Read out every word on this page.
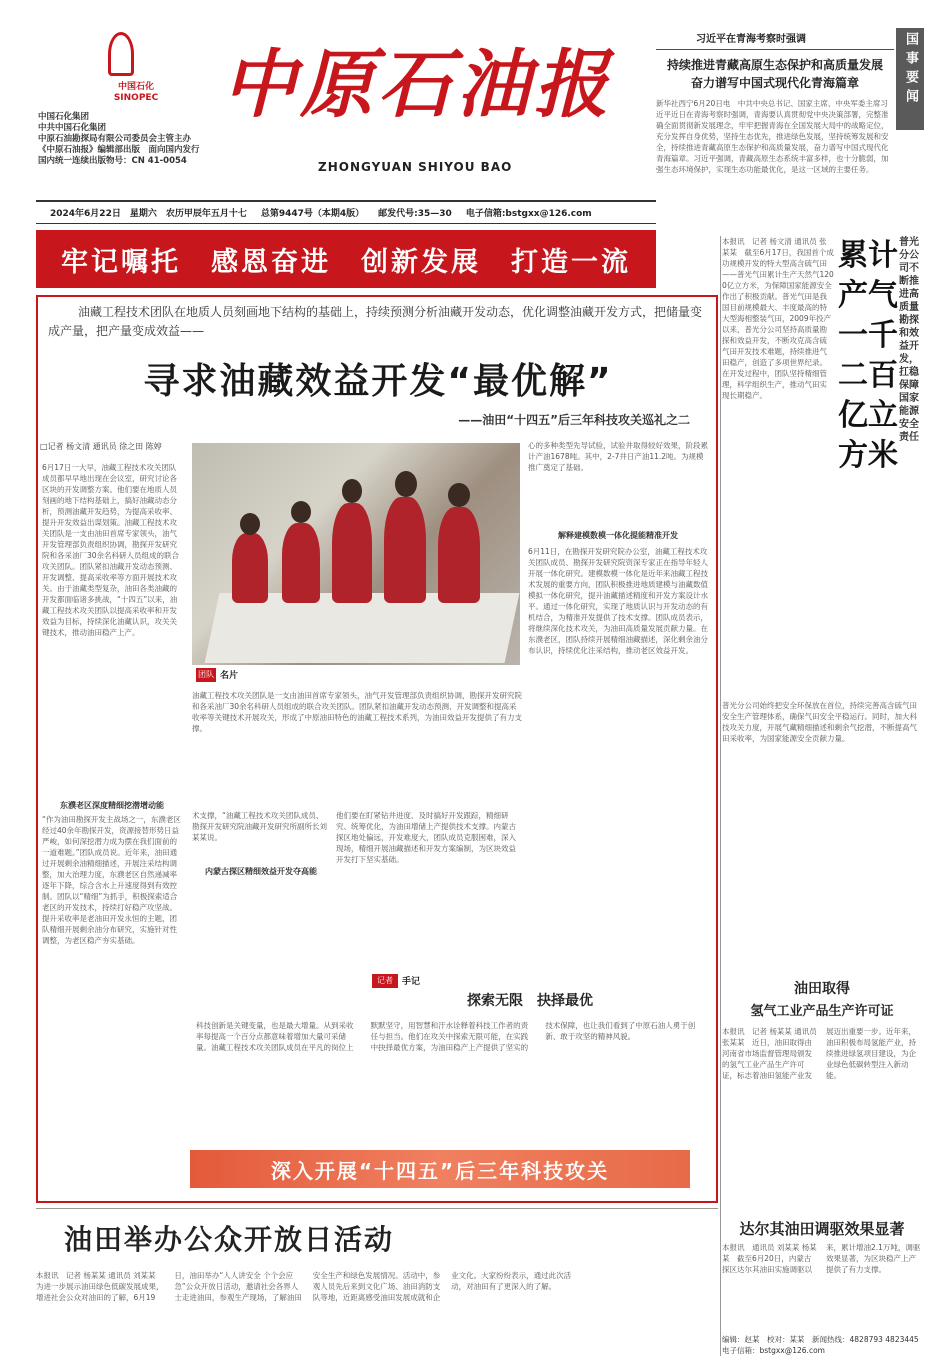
中国石化
SINOPEC
中国石化集团
中共中国石化集团
中原石油勘探局有限公司委员会主管主办
《中原石油报》编辑部出版　面向国内发行
国内统一连续出版物号：CN 41-0054
中原石油报
ZHONGYUAN SHIYOU BAO
2024年6月22日　星期六　农历甲辰年五月十七 总第9447号（本期4版） 邮发代号:35—30 电子信箱:bstgxx@126.com
习近平在青海考察时强调
持续推进青藏高原生态保护和高质量发展
奋力谱写中国式现代化青海篇章
新华社西宁6月20日电　中共中央总书记、国家主席、中央军委主席习近平近日在青海考察时强调，青海要认真贯彻党中央决策部署，完整准确全面贯彻新发展理念，牢牢把握青海在全国发展大局中的战略定位，充分发挥自身优势，坚持生态优先，推进绿色发展，坚持统筹发展和安全，持续推进青藏高原生态保护和高质量发展，奋力谱写中国式现代化青海篇章。习近平强调，青藏高原生态系统丰富多样，也十分脆弱，加强生态环境保护，实现生态功能最优化，是这一区域的主要任务。
国事要闻
牢记嘱托　感恩奋进　创新发展　打造一流
油藏工程技术团队在地质人员刻画地下结构的基础上，持续预测分析油藏开发动态，优化调整油藏开发方式，把储量变成产量，把产量变成效益——
寻求油藏效益开发“最优解”
——油田“十四五”后三年科技攻关巡礼之二
□记者 杨文清 通讯员 徐之田 陈婷
6月17日一大早，油藏工程技术攻关团队成员都早早地出现在会议室，研究讨论各区块的开发调整方案。他们要在地质人员刻画的地下结构基础上，搞好油藏动态分析，预测油藏开发趋势，为提高采收率、提升开发效益出谋划策。油藏工程技术攻关团队是一支由油田首席专家领头，油气开发管理部负责组织协调，勘探开发研究院和各采油厂30余名科研人员组成的联合攻关团队。团队紧扣油藏开发动态预测、开发调整、提高采收率等方面开展技术攻关。由于油藏类型复杂，油田各类油藏的开发都面临诸多挑战，“十四五”以来，油藏工程技术攻关团队以提高采收率和开发效益为目标，持续深化油藏认识，攻关关键技术，推动油田稳产上产。
东濮老区深度精细挖潜增动能
“作为油田勘探开发主战场之一，东濮老区经过40余年勘探开发，资源接替形势日益严峻，如何深挖潜力成为摆在我们面前的一道难题。”团队成员说。近年来，油田通过开展剩余油精细描述，开展注采结构调整，加大治理力度，东濮老区自然递减率逐年下降，综合含水上升速度得到有效控制。团队以“精细”为抓手，积极探索适合老区的开发技术，持续打好稳产攻坚战。提升采收率是老油田开发永恒的主题，团队精细开展剩余油分布研究，实施针对性调整，为老区稳产夯实基础。
团队 名片
油藏工程技术攻关团队是一支由油田首席专家领头，油气开发管理部负责组织协调，勘探开发研究院和各采油厂30余名科研人员组成的联合攻关团队。团队紧扣油藏开发动态预测、开发调整和提高采收率等关键技术开展攻关，形成了中原油田特色的油藏工程技术系列，为油田效益开发提供了有力支撑。
术支撑，“油藏工程技术攻关团队成员、勘探开发研究院油藏开发研究所副所长刘某某说。
内蒙古探区精细效益开发夺高能
他们要在盯紧钻井进度、及时搞好开发跟踪，精细研究、统筹优化，为油田增储上产提供技术支撑。内蒙古探区地处偏远，开发难度大，团队成员克服困难，深入现场，精细开展油藏描述和开发方案编制，为区块效益开发打下坚实基础。
心的多种类型先导试验，试验井取得较好效果，阶段累计产油1678吨。其中，2-7井日产油11.2吨。为规模推广奠定了基础。
解释建模数模一体化提能精准开发
6月11日，在勘探开发研究院办公室，油藏工程技术攻关团队成员、勘探开发研究院资深专家正在指导年轻人开展一体化研究。建模数模一体化是近年来油藏工程技术发展的重要方向，团队积极推进地质建模与油藏数值模拟一体化研究，提升油藏描述精度和开发方案设计水平。通过一体化研究，实现了地质认识与开发动态的有机结合，为精准开发提供了技术支撑。团队成员表示，将继续深化技术攻关，为油田高质量发展贡献力量。在东濮老区，团队持续开展精细油藏描述，深化剩余油分布认识，持续优化注采结构，推动老区效益开发。
记者	手记
探索无限　抉择最优
科技创新是关键变量，也是最大增量。从到采收率每提高一个百分点都意味着增加大量可采储量。油藏工程技术攻关团队成员在平凡的岗位上默默坚守，用智慧和汗水诠释着科技工作者的责任与担当。他们在攻关中探索无限可能，在实践中抉择最优方案，为油田稳产上产提供了坚实的技术保障，也让我们看到了中原石油人勇于创新、敢于攻坚的精神风貌。
深入开展“十四五”后三年科技攻关
本报讯　记者 杨文清 通讯员 张某某　截至6月17日，我国首个成功规模开发的特大型高含硫气田——普光气田累计生产天然气1200亿立方米，为保障国家能源安全作出了积极贡献。普光气田是我国目前规模最大、丰度最高的特大型海相整装气田，2009年投产以来，普光分公司坚持高质量勘探和效益开发，不断攻克高含硫气田开发技术难题，持续推进气田稳产，创造了多项世界纪录。在开发过程中，团队坚持精细管理，科学组织生产，推动气田实现长期稳产。
累计产气一千二百亿立方米
普光分公司不断推进高质量勘探和效益开发，扛稳保障国家能源安全责任
普光分公司始终把安全环保放在首位，持续完善高含硫气田安全生产管理体系，确保气田安全平稳运行。同时，加大科技攻关力度，开展气藏精细描述和剩余气挖潜，不断提高气田采收率，为国家能源安全贡献力量。
油田取得
氢气工业产品生产许可证
本报讯　记者 杨某某 通讯员 张某某　近日，油田取得由河南省市场监督管理局颁发的氢气工业产品生产许可证，标志着油田氢能产业发展迈出重要一步。近年来，油田积极布局氢能产业，持续推进绿氢项目建设，为企业绿色低碳转型注入新动能。
油田举办公众开放日活动
本报讯　记者 杨某某 通讯员 刘某某　为进一步展示油田绿色低碳发展成果，增进社会公众对油田的了解，6月19日，油田举办“人人讲安全 个个会应急”公众开放日活动，邀请社会各界人士走进油田，参观生产现场，了解油田安全生产和绿色发展情况。活动中，参观人员先后来到文化广场、油田消防支队等地，近距离感受油田发展成就和企业文化。大家纷纷表示，通过此次活动，对油田有了更深入的了解。
达尔其油田调驱效果显著
本报讯　通讯员 刘某某 杨某某　截至6月20日，内蒙古探区达尔其油田实施调驱以来，累计增油2.1万吨，调驱效果显著，为区块稳产上产提供了有力支撑。
编辑：赵某　校对：某某　新闻热线：4828793 4823445　电子信箱：bstgxx@126.com
